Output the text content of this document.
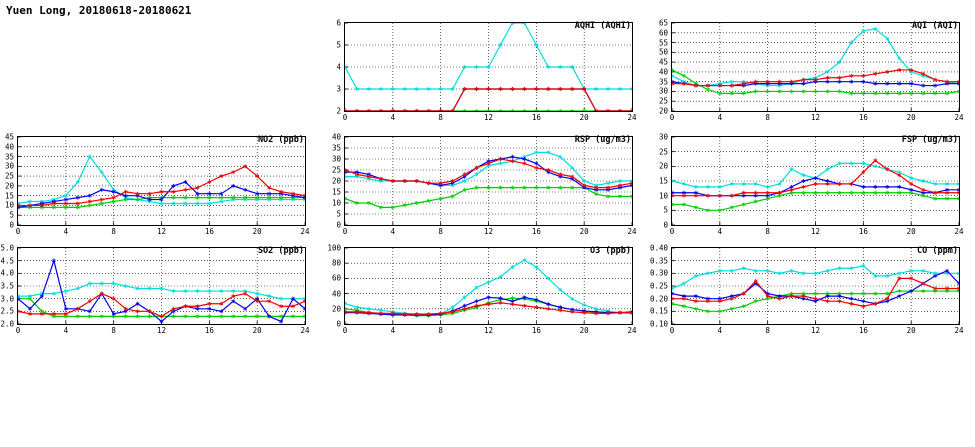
Yuen Long, 20180618-20180621
AQHI (AQHI)
0	4	8	12	16	20	24
2
3
4
5
6	AQI (AQI)
0	4	8	12	16	20	24
20
25
30
35
40
45
50
55
60
65
NO2 (ppb)
0	4	8	12	16	20	24
0
5
10
15
20
25
30
35
40
45	RSP (ug/m3)
0	4	8	12	16	20	24
0
5
10
15
20
25
30
35
40	FSP (ug/m3)
0	4	8	12	16	20	24
0
5
10
15
20
25
30
SO2 (ppb)
0	4	8	12	16	20	24
2.0
2.5
3.0
3.5
4.0
4.5
5.0	O3 (ppb)
0	4	8	12	16	20	24
0
20
40
60
80
100	CO (ppm)
0	4	8	12	16	20	24
0.10
0.15
0.20
0.25
0.30
0.35
0.40
